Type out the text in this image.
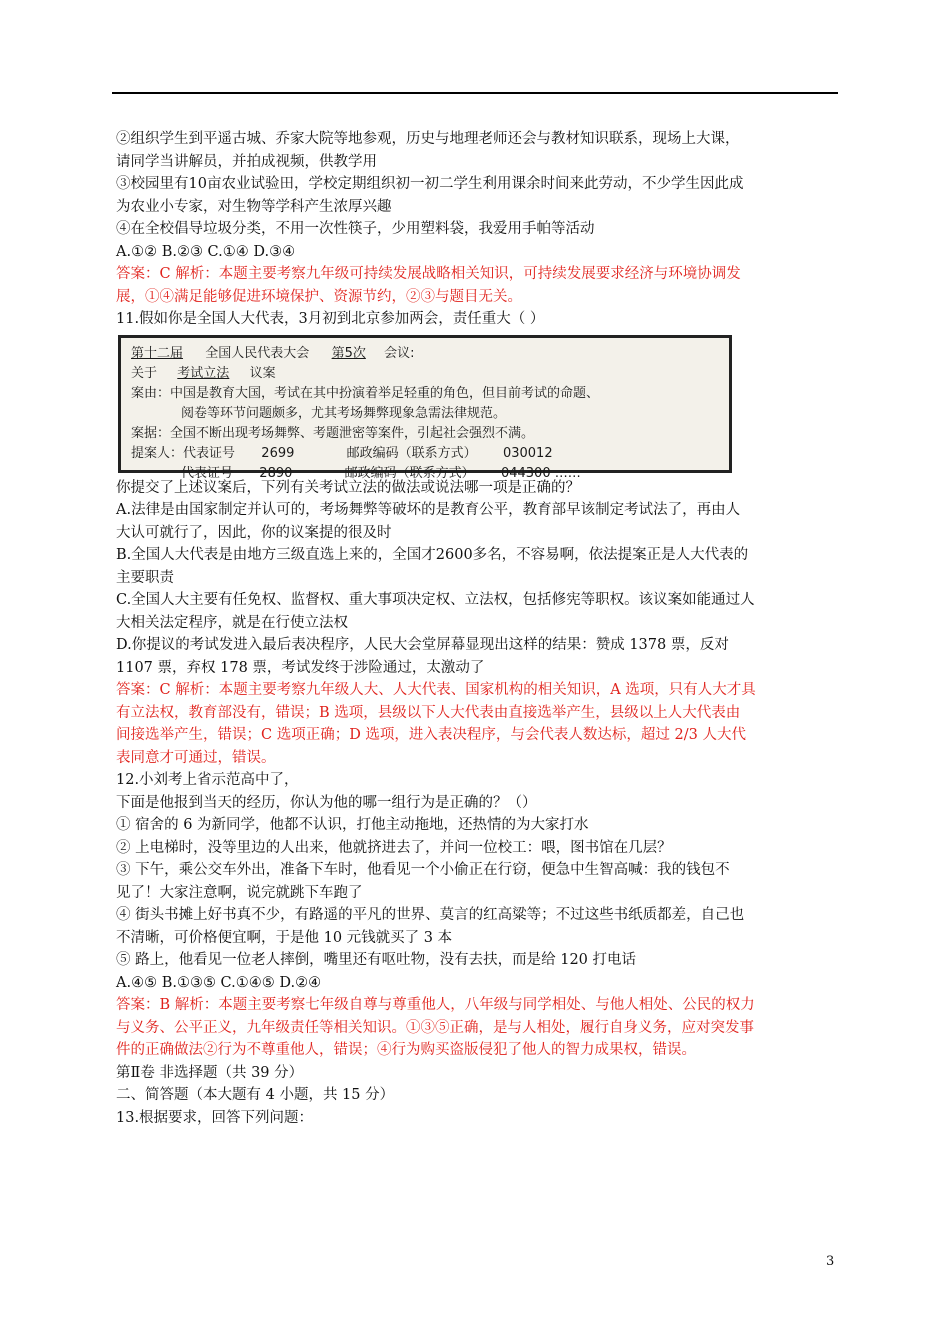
②组织学生到平遥古城、乔家大院等地参观，历史与地理老师还会与教材知识联系，现场上大课，
请同学当讲解员，并拍成视频，供教学用
③校园里有10亩农业试验田，学校定期组织初一初二学生利用课余时间来此劳动，不少学生因此成
为农业小专家，对生物等学科产生浓厚兴趣
④在全校倡导垃圾分类，不用一次性筷子，少用塑料袋，我爱用手帕等活动
A.①② B.②③ C.①④ D.③④
答案：C 解析：本题主要考察九年级可持续发展战略相关知识，可持续发展要求经济与环境协调发
展，①④满足能够促进环境保护、资源节约，②③与题目无关。
11.假如你是全国人大代表，3月初到北京参加两会，责任重大（ ）
第十二届 全国人民代表大会 第5次 会议:
关于 考试立法 议案
案由：中国是教育大国，考试在其中扮演着举足轻重的角色，但目前考试的命题、
阅卷等环节问题颇多，尤其考场舞弊现象急需法律规范。
案据：全国不断出现考场舞弊、考题泄密等案件，引起社会强烈不满。
提案人：代表证号 2699	邮政编码（联系方式） 030012
代表证号 2890	邮政编码（联系方式） 044300 ……
你提交了上述议案后，下列有关考试立法的做法或说法哪一项是正确的？
A.法律是由国家制定并认可的，考场舞弊等破坏的是教育公平，教育部早该制定考试法了，再由人
大认可就行了，因此，你的议案提的很及时
B.全国人大代表是由地方三级直选上来的，全国才2600多名，不容易啊，依法提案正是人大代表的
主要职责
C.全国人大主要有任免权、监督权、重大事项决定权、立法权，包括修宪等职权。该议案如能通过人
大相关法定程序，就是在行使立法权
D.你提议的考试发进入最后表决程序，人民大会堂屏幕显现出这样的结果：赞成 1378 票，反对
1107 票，弃权 178 票，考试发终于涉险通过，太激动了
答案：C 解析：本题主要考察九年级人大、人大代表、国家机构的相关知识，A 选项，只有人大才具
有立法权，教育部没有，错误；B 选项，县级以下人大代表由直接选举产生，县级以上人大代表由
间接选举产生，错误；C 选项正确；D 选项，进入表决程序，与会代表人数达标，超过 2/3 人大代
表同意才可通过，错误。
12.小刘考上省示范高中了，
下面是他报到当天的经历，你认为他的哪一组行为是正确的？（）
① 宿舍的 6 为新同学，他都不认识，打他主动拖地，还热情的为大家打水
② 上电梯时，没等里边的人出来，他就挤进去了，并问一位校工：喂，图书馆在几层？
③ 下午，乘公交车外出，准备下车时，他看见一个小偷正在行窃，便急中生智高喊：我的钱包不
见了！大家注意啊，说完就跳下车跑了
④ 街头书摊上好书真不少，有路遥的平凡的世界、莫言的红高粱等；不过这些书纸质都差，自己也
不清晰，可价格便宜啊，于是他 10 元钱就买了 3 本
⑤ 路上，他看见一位老人摔倒，嘴里还有呕吐物，没有去扶，而是给 120 打电话
A.④⑤ B.①③⑤ C.①④⑤ D.②④
答案：B 解析：本题主要考察七年级自尊与尊重他人，八年级与同学相处、与他人相处、公民的权力
与义务、公平正义，九年级责任等相关知识。①③⑤正确，是与人相处，履行自身义务，应对突发事
件的正确做法②行为不尊重他人，错误；④行为购买盗版侵犯了他人的智力成果权，错误。
第Ⅱ卷 非选择题（共 39 分）
二、简答题（本大题有 4 小题，共 15 分）
13.根据要求，回答下列问题：
3
